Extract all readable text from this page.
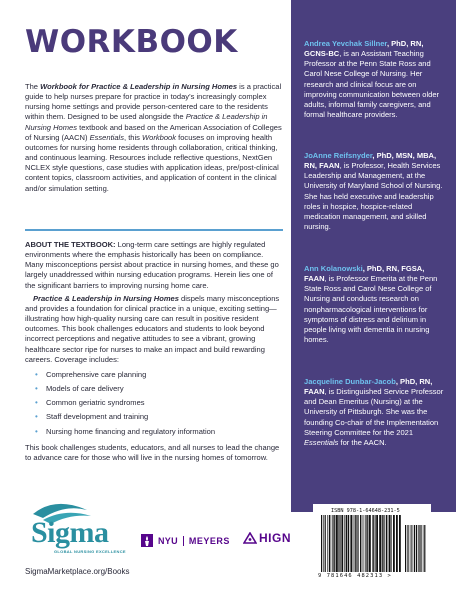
WORKBOOK
The Workbook for Practice & Leadership in Nursing Homes is a practical guide to help nurses prepare for practice in today’s increasingly complex nursing home settings and provide person-centered care to the residents within them. Designed to be used alongside the Practice & Leadership in Nursing Homes textbook and based on the American Association of Colleges of Nursing (AACN) Essentials, this Workbook focuses on improving health outcomes for nursing home residents through collaboration, critical thinking, and continuous learning. Resources include reflective questions, NextGen NCLEX style questions, case studies with application ideas, pre/post-clinical content topics, classroom activities, and application of content in the clinical and/or simulation setting.

ABOUT THE TEXTBOOK: Long-term care settings are highly regulated environments where the emphasis historically has been on compliance. Many misconceptions persist about practice in nursing homes, and these go largely unaddressed within nursing education programs. Herein lies one of the significant barriers to improving nursing home care.

Practice & Leadership in Nursing Homes dispels many misconceptions and provides a foundation for clinical practice in a unique, exciting setting—illustrating how high-quality nursing care can result in positive resident outcomes. This book challenges educators and students to look beyond incorrect perceptions and negative attitudes to see a vibrant, growing healthcare sector ripe for nurses to make an impact and build rewarding careers. Coverage includes:

• Comprehensive care planning
• Models of care delivery
• Common geriatric syndromes
• Staff development and training
• Nursing home financing and regulatory information

This book challenges students, educators, and all nurses to lead the change to advance care for those who will live in the nursing homes of tomorrow.

Andrea Yevchak Sillner, PhD, RN, GCNS-BC, is an Assistant Teaching Professor at the Penn State Ross and Carol Nese College of Nursing. Her research and clinical focus are on improving communication between older adults, informal family caregivers, and formal healthcare providers.
JoAnne Reifsnyder, PhD, MSN, MBA, RN, FAAN, is Professor, Health Services Leadership and Management, at the University of Maryland School of Nursing. She has held executive and leadership roles in hospice, hospice-related medication management, and skilled nursing.
Ann Kolanowski, PhD, RN, FGSA, FAAN, is Professor Emerita at the Penn State Ross and Carol Nese College of Nursing and conducts research on nonpharmacological interventions for symptoms of distress and delirium in people living with dementia in nursing homes.
Jacqueline Dunbar-Jacob, PhD, RN, FAAN, is Distinguished Service Professor and Dean Emeritus (Nursing) at the University of Pittsburgh. She was the founding Co-chair of the Implementation Steering Committee for the 2021 Essentials for the AACN.
Sigma
GLOBAL NURSING EXCELLENCE
SigmaMarketplace.org/Books
NYU MEYERS HIGN
ISBN 978-1-64648-231-5
9 781646 482313 >
